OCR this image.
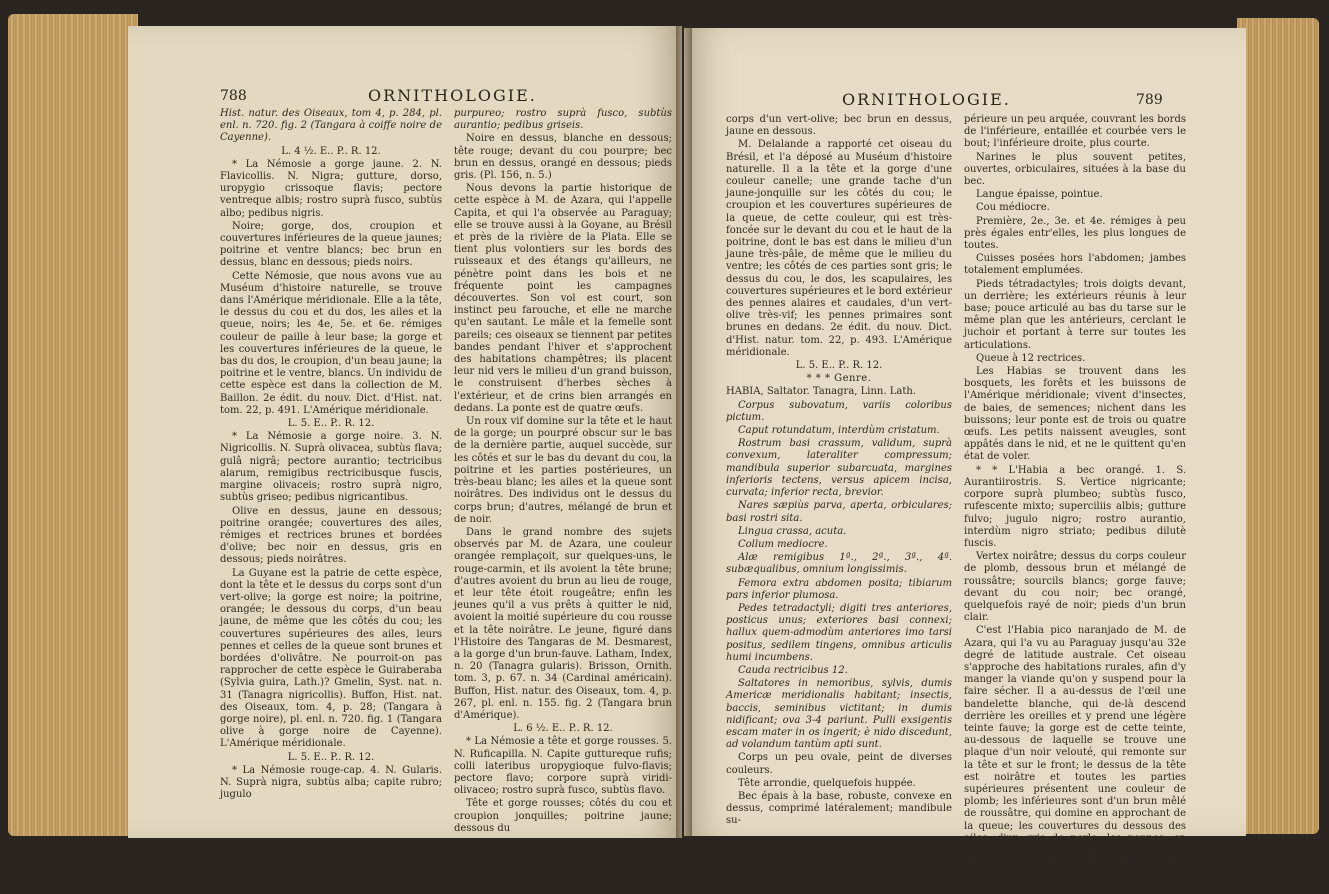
788	ORNITHOLOGIE.

Hist. natur. des Oiseaux, tom 4, p. 284, pl. enl. n. 720. fig. 2 (Tangara à coiffe noire de Cayenne).

L. 4 ½. E.. P.. R. 12.

* La Némosie a gorge jaune. 2. N. Flavicollis. N. Nigra; gutture, dorso, uropygio crissoque flavis; pectore ventreque albis; rostro suprà fusco, subtùs albo; pedibus nigris.

Noire; gorge, dos, croupion et couvertures inférieures de la queue jaunes; poitrine et ventre blancs; bec brun en dessus, blanc en dessous; pieds noirs.

Cette Némosie, que nous avons vue au Muséum d'histoire naturelle, se trouve dans l'Amérique méridionale. Elle a la tête, le dessus du cou et du dos, les ailes et la queue, noirs; les 4e, 5e. et 6e. rémiges couleur de paille à leur base; la gorge et les couvertures inférieures de la queue, le bas du dos, le croupion, d'un beau jaune; la poitrine et le ventre, blancs. Un individu de cette espèce est dans la collection de M. Baillon. 2e édit. du nouv. Dict. d'Hist. nat. tom. 22, p. 491. L'Amérique méridionale.

L. 5. E.. P.. R. 12.

* La Némosie a gorge noire. 3. N. Nigricollis. N. Suprà olivacea, subtùs flava; gulâ nigrâ; pectore aurantio; tectricibus alarum, remigibus rectricibusque fuscis, margine olivaceis; rostro suprà nigro, subtùs griseo; pedibus nigricantibus.

Olive en dessus, jaune en dessous; poitrine orangée; couvertures des ailes, rémiges et rectrices brunes et bordées d'olive; bec noir en dessus, gris en dessous; pieds noirâtres.

La Guyane est la patrie de cette espèce, dont la tête et le dessus du corps sont d'un vert-olive; la gorge est noire; la poitrine, orangée; le dessous du corps, d'un beau jaune, de même que les côtés du cou; les couvertures supérieures des ailes, leurs pennes et celles de la queue sont brunes et bordées d'olivâtre. Ne pourroit-on pas rapprocher de cette espèce le Guiraberaba (Sylvia guira, Lath.)? Gmelin, Syst. nat. n. 31 (Tanagra nigricollis). Buffon, Hist. nat. des Oiseaux, tom. 4, p. 28; (Tangara à gorge noire), pl. enl. n. 720. fig. 1 (Tangara olive à gorge noire de Cayenne). L'Amérique méridionale.

L. 5. E.. P.. R. 12.

* La Némosie rouge-cap. 4. N. Gularis. N. Suprà nigra, subtùs alba; capite rubro; jugulo

purpureo; rostro suprà fusco, subtùs aurantio; pedibus griseis.

Noire en dessus, blanche en dessous; tête rouge; devant du cou pourpre; bec brun en dessus, orangé en dessous; pieds gris. (Pl. 156, n. 5.)

Nous devons la partie historique de cette espèce à M. de Azara, qui l'appelle Capita, et qui l'a observée au Paraguay; elle se trouve aussi à la Goyane, au Brésil et près de la rivière de la Plata. Elle se tient plus volontiers sur les bords des ruisseaux et des étangs qu'ailleurs, ne pénètre point dans les bois et ne fréquente point les campagnes découvertes. Son vol est court, son instinct peu farouche, et elle ne marche qu'en sautant. Le mâle et la femelle sont pareils; ces oiseaux se tiennent par petites bandes pendant l'hiver et s'approchent des habitations champêtres; ils placent leur nid vers le milieu d'un grand buisson, le construisent d'herbes sèches à l'extérieur, et de crins bien arrangés en dedans. La ponte est de quatre œufs.

Un roux vif domine sur la tête et le haut de la gorge; un pourpré obscur sur le bas de la dernière partie, auquel succède, sur les côtés et sur le bas du devant du cou, la poitrine et les parties postérieures, un très-beau blanc; les ailes et la queue sont noirâtres. Des individus ont le dessus du corps brun; d'autres, mélangé de brun et de noir.

Dans le grand nombre des sujets observés par M. de Azara, une couleur orangée remplaçoit, sur quelques-uns, le rouge-carmin, et ils avoient la tête brune; d'autres avoient du brun au lieu de rouge, et leur tête étoit rougeâtre; enfin les jeunes qu'il a vus prêts à quitter le nid, avoient la moitié supérieure du cou rousse et la tête noirâtre. Le jeune, figuré dans l'Histoire des Tangaras de M. Desmarest, a la gorge d'un brun-fauve. Latham, Index, n. 20 (Tanagra gularis). Brisson, Ornith. tom. 3, p. 67. n. 34 (Cardinal américain). Buffon, Hist. natur. des Oiseaux, tom. 4, p. 267, pl. enl. n. 155. fig. 2 (Tangara brun d'Amérique).

L. 6 ½. E.. P.. R. 12.

* La Némosie a tête et gorge rousses. 5. N. Ruficapilla. N. Capite guttureque rufis; colli lateribus uropygioque fulvo-flavis; pectore flavo; corpore suprà viridi-olivaceo; rostro suprà fusco, subtùs flavo.

Tête et gorge rousses; côtés du cou et croupion jonquilles; poitrine jaune; dessous du

ORNITHOLOGIE.	789

corps d'un vert-olive; bec brun en dessus, jaune en dessous.

M. Delalande a rapporté cet oiseau du Brésil, et l'a déposé au Muséum d'histoire naturelle. Il a la tête et la gorge d'une couleur canelle; une grande tache d'un jaune-jonquille sur les côtés du cou; le croupion et les couvertures supérieures de la queue, de cette couleur, qui est très-foncée sur le devant du cou et le haut de la poitrine, dont le bas est dans le milieu d'un jaune très-pâle, de même que le milieu du ventre; les côtés de ces parties sont gris; le dessus du cou, le dos, les scapulaires, les couvertures supérieures et le bord extérieur des pennes alaires et caudales, d'un vert-olive très-vif; les pennes primaires sont brunes en dedans. 2e édit. du nouv. Dict. d'Hist. natur. tom. 22, p. 493. L'Amérique méridionale.

L. 5. E.. P.. R. 12.

* * * Genre.

HABIA, Saltator. Tanagra, Linn. Lath.

Corpus subovatum, variis coloribus pictum.

Caput rotundatum, interdùm cristatum.

Rostrum basi crassum, validum, suprà convexum, lateraliter compressum; mandibula superior subarcuata, margines inferioris tectens, versus apicem incisa, curvata; inferior recta, brevior.

Nares sæpiùs parva, aperta, orbiculares; basi rostri sita.

Lingua crassa, acuta.

Collum mediocre.

Alæ remigibus 1ª., 2ª., 3ª., 4ª. subæqualibus, omnium longissimis.

Femora extra abdomen posita; tibiarum pars inferior plumosa.

Pedes tetradactyli; digiti tres anteriores, posticus unus; exteriores basi connexi; hallux quem-admodùm anteriores imo tarsi positus, sedilem tingens, omnibus articulis humi incumbens.

Cauda rectricibus 12.

Saltatores in nemoribus, sylvis, dumis Americæ meridionalis habitant; insectis, baccis, seminibus victitant; in dumis nidificant; ova 3-4 pariunt. Pulli exsigentis escam mater in os ingerit; è nido discedunt, ad volandum tantùm apti sunt.

Corps un peu ovale, peint de diverses couleurs.

Tête arrondie, quelquefois huppée.

Bec épais à la base, robuste, convexe en dessus, comprimé latéralement; mandibule su-

périeure un peu arquée, couvrant les bords de l'inférieure, entaillée et courbée vers le bout; l'inférieure droite, plus courte.

Narines le plus souvent petites, ouvertes, orbiculaires, situées à la base du bec.

Langue épaisse, pointue.

Cou médiocre.

Première, 2e., 3e. et 4e. rémiges à peu près égales entr'elles, les plus longues de toutes.

Cuisses posées hors l'abdomen; jambes totalement emplumées.

Pieds tétradactyles; trois doigts devant, un derrière; les extérieurs réunis à leur base; pouce articulé au bas du tarse sur le même plan que les antérieurs, cerclant le juchoir et portant à terre sur toutes les articulations.

Queue à 12 rectrices.

Les Habias se trouvent dans les bosquets, les forêts et les buissons de l'Amérique méridionale; vivent d'insectes, de baies, de semences; nichent dans les buissons; leur ponte est de trois ou quatre œufs. Les petits naissent aveugles, sont appâtés dans le nid, et ne le quittent qu'en état de voler.

* * L'Habia a bec orangé. 1. S. Aurantiirostris. S. Vertice nigricante; corpore suprà plumbeo; subtùs fusco, rufescente mixto; superciliis albis; gutture fulvo; jugulo nigro; rostro aurantio, interdùm nigro striato; pedibus dilutè fuscis.

Vertex noirâtre; dessus du corps couleur de plomb, dessous brun et mélangé de roussâtre; sourcils blancs; gorge fauve; devant du cou noir; bec orangé, quelquefois rayé de noir; pieds d'un brun clair.

C'est l'Habia pico naranjado de M. de Azara, qui l'a vu au Paraguay jusqu'au 32e degré de latitude australe. Cet oiseau s'approche des habitations rurales, afin d'y manger la viande qu'on y suspend pour la faire sécher. Il a au-dessus de l'œil une bandelette blanche, qui de-là descend derrière les oreilles et y prend une légère teinte fauve; la gorge est de cette teinte, au-dessous de laquelle se trouve une plaque d'un noir velouté, qui remonte sur la tête et sur le front; le dessus de la tête est noirâtre et toutes les parties supérieures présentent une couleur de plomb; les inférieures sont d'un brun mêlé de roussâtre, qui domine en approchant de la queue; les couvertures du dessous des ailes, d'un gris de perle; les pennes, en dessous, d'un blanc-argenté; la rectrice la plus extérieure de chaque côté porte une tache blanche à son extrémité, ainsi que la sui-
